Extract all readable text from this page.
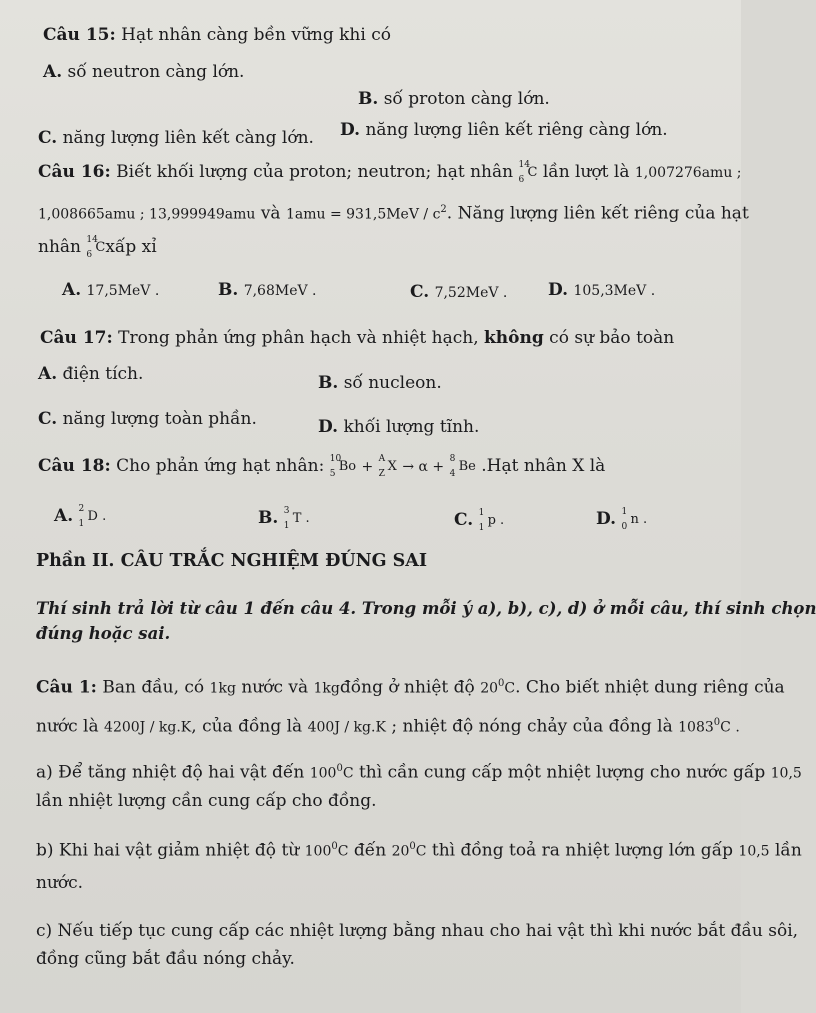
Câu 15: Hạt nhân càng bền vững khi có
A. số neutron càng lớn.
B. số proton càng lớn.
C. năng lượng liên kết càng lớn. D. năng lượng liên kết riêng càng lớn.
Câu 16: Biết khối lượng của proton; neutron; hạt nhân 14
6 C lần lượt là 1,007276amu ;
1,008665amu ; 13,999949amu và $1amu = 931,5MeV / c^2$. Năng lượng liên kết riêng của hạt
nhân 14
6 Cxấp xỉ
A. 17,5MeV .	B. 7,68MeV .	C. 7,52MeV . D. 105,3MeV .
Câu 17: Trong phản ứng phân hạch và nhiệt hạch, không có sự bảo toàn
A. điện tích.	B. số nucleon.
C. năng lượng toàn phần.	D. khối lượng tĩnh.
Câu 18: Cho phản ứng hạt nhân: 10
5 Bo +
A
Z X → α +
8
4 Be .Hạt nhân X là
A. 2
1 D .	B. 3
1 T .	C. 1
1 p .	D. 1
0 n .
Phần II. CÂU TRẮC NGHIỆM ĐÚNG SAI
Thí sinh trả lời từ câu 1 đến câu 4. Trong mỗi ý a), b), c), d) ở mỗi câu, thí sinh chọn
đúng hoặc sai.
Câu 1: Ban đầu, có 1kg nước và 1kgđồng ở nhiệt độ $20^0C$. Cho biết nhiệt dung riêng của
nước là 4200J / kg.K, của đồng là 400J / kg.K ; nhiệt độ nóng chảy của đồng là 1083$^0$C .
a) Để tăng nhiệt độ hai vật đến $100^0C$ thì cần cung cấp một nhiệt lượng cho nước gấp 10,5
lần nhiệt lượng cần cung cấp cho đồng.
b) Khi hai vật giảm nhiệt độ từ $100^0C$ đến $20^0C$ thì đồng toả ra nhiệt lượng lớn gấp 10,5 lần
nước.
c) Nếu tiếp tục cung cấp các nhiệt lượng bằng nhau cho hai vật thì khi nước bắt đầu sôi,
đồng cũng bắt đầu nóng chảy.
